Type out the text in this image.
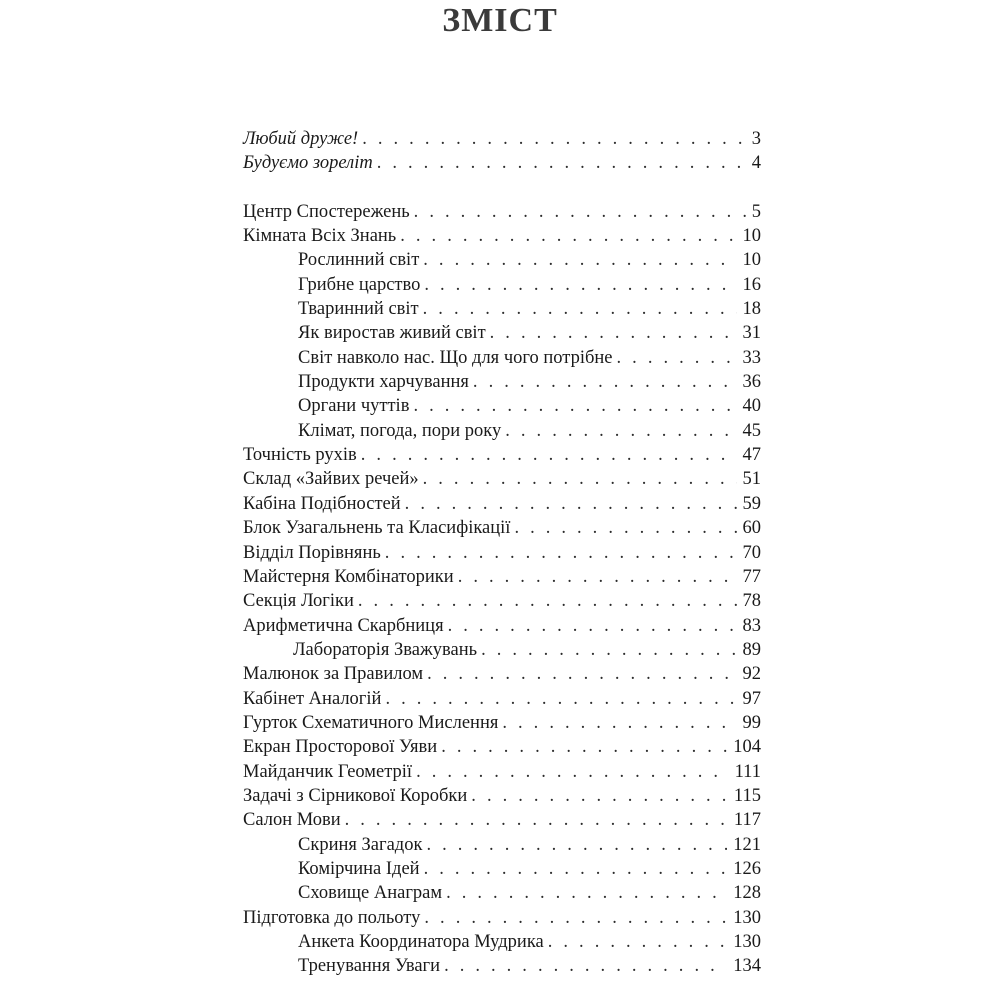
ЗМІСТ
Любий друже! . . .	3
Будуємо зореліт . . .	4
Центр Спостережень . . .	5
Кімната Всіх Знань . . .	10
Рослинний світ . . .	10
Грибне царство . . .	16
Тваринний світ . . .	18
Як виростав живий світ . . .	31
Світ навколо нас. Що для чого потрібне . . .	33
Продукти харчування . . .	36
Органи чуттів . . .	40
Клімат, погода, пори року . . .	45
Точність рухів . . .	47
Склад «Зайвих речей» . . .	51
Кабіна Подібностей . . .	59
Блок Узагальнень та Класифікації . . .	60
Відділ Порівнянь . . .	70
Майстерня Комбінаторики . . .	77
Секція Логіки . . .	78
Арифметична Скарбниця . . .	83
Лабораторія Зважувань . . .	89
Малюнок за Правилом . . .	92
Кабінет Аналогій . . .	97
Гурток Схематичного Мислення . . .	99
Екран Просторової Уяви . . .	104
Майданчик Геометрії . . .	111
Задачі з Сірникової Коробки . . .	115
Салон Мови . . .	117
Скриня Загадок . . .	121
Комірчина Ідей . . .	126
Сховище Анаграм . . .	128
Підготовка до польоту . . .	130
Анкета Координатора Мудрика . . .	130
Тренування Уваги . . .	134
